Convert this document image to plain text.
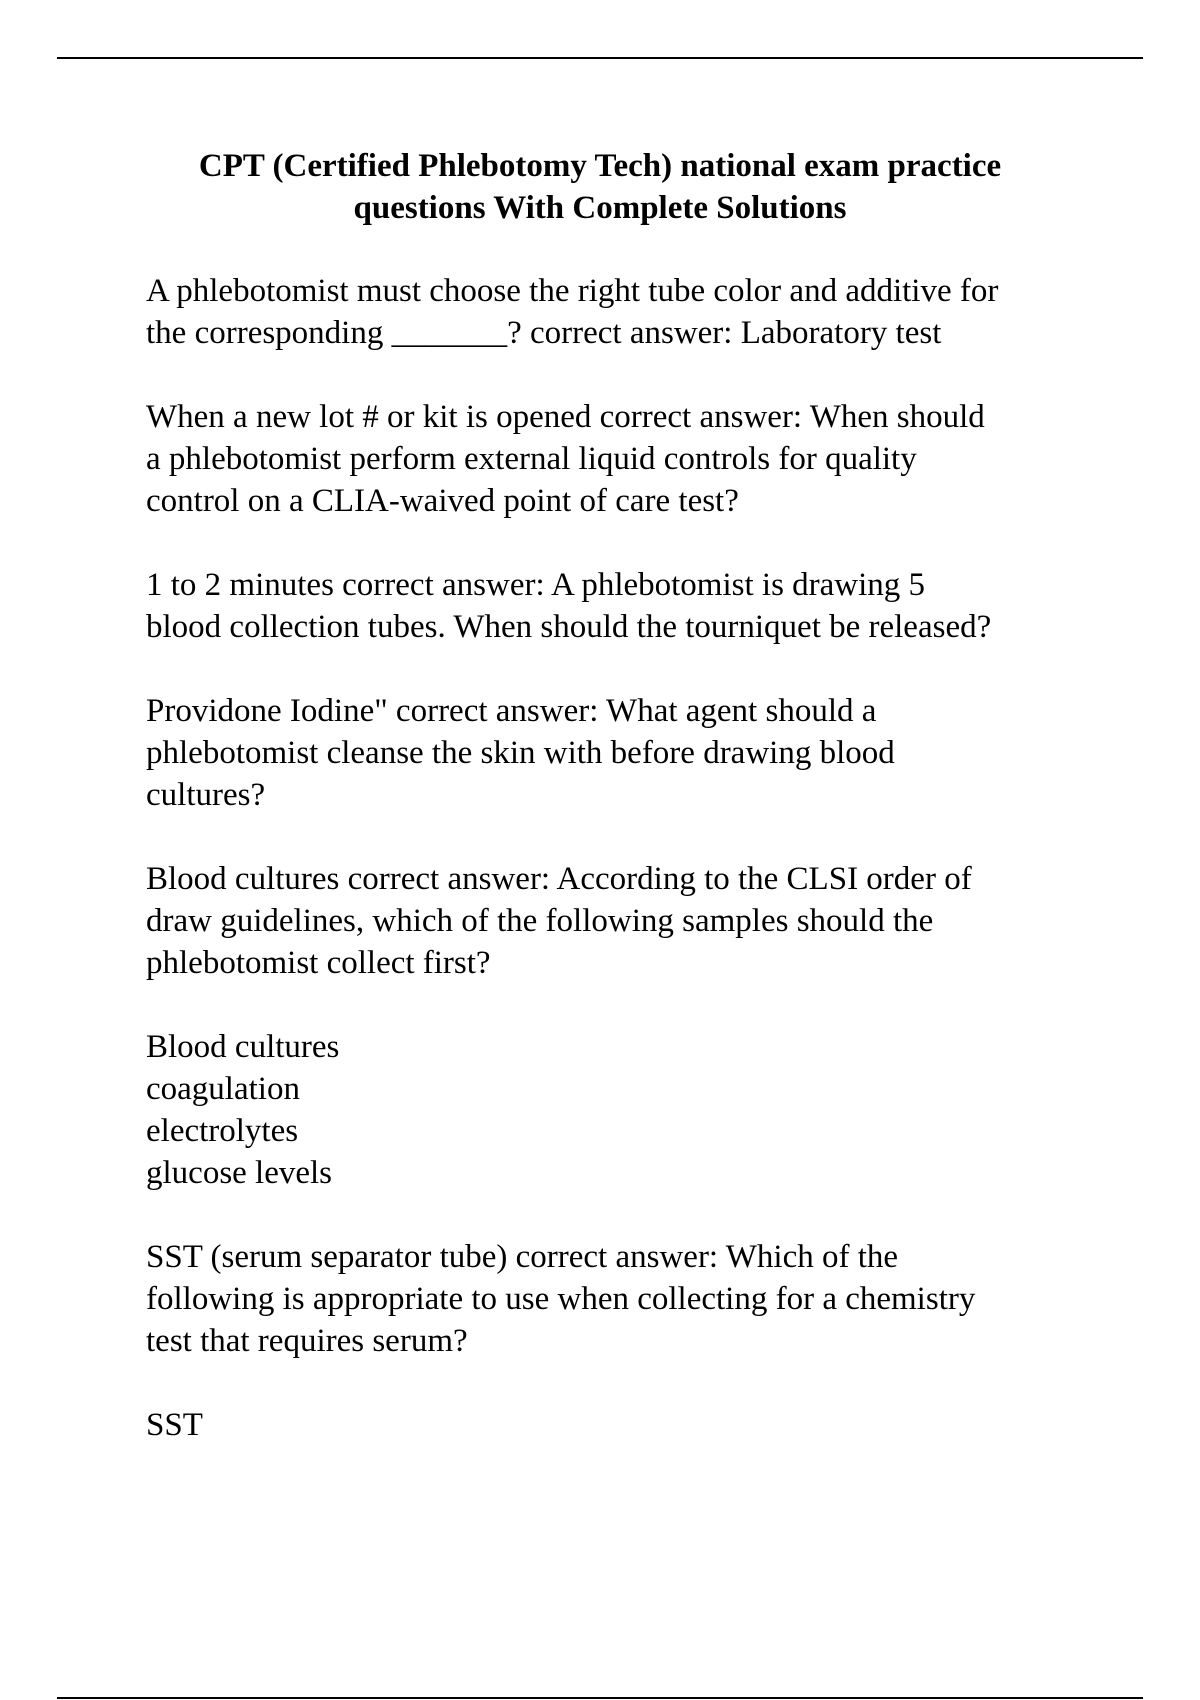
CPT (Certified Phlebotomy Tech) national exam practice
questions With Complete Solutions

A phlebotomist must choose the right tube color and additive for
the corresponding _______? correct answer: Laboratory test

When a new lot # or kit is opened correct answer: When should
a phlebotomist perform external liquid controls for quality
control on a CLIA-waived point of care test?

1 to 2 minutes correct answer: A phlebotomist is drawing 5
blood collection tubes. When should the tourniquet be released?

Providone Iodine" correct answer: What agent should a
phlebotomist cleanse the skin with before drawing blood
cultures?

Blood cultures correct answer: According to the CLSI order of
draw guidelines, which of the following samples should the
phlebotomist collect first?

Blood cultures
coagulation
electrolytes
glucose levels

SST (serum separator tube) correct answer: Which of the
following is appropriate to use when collecting for a chemistry
test that requires serum?

SST
